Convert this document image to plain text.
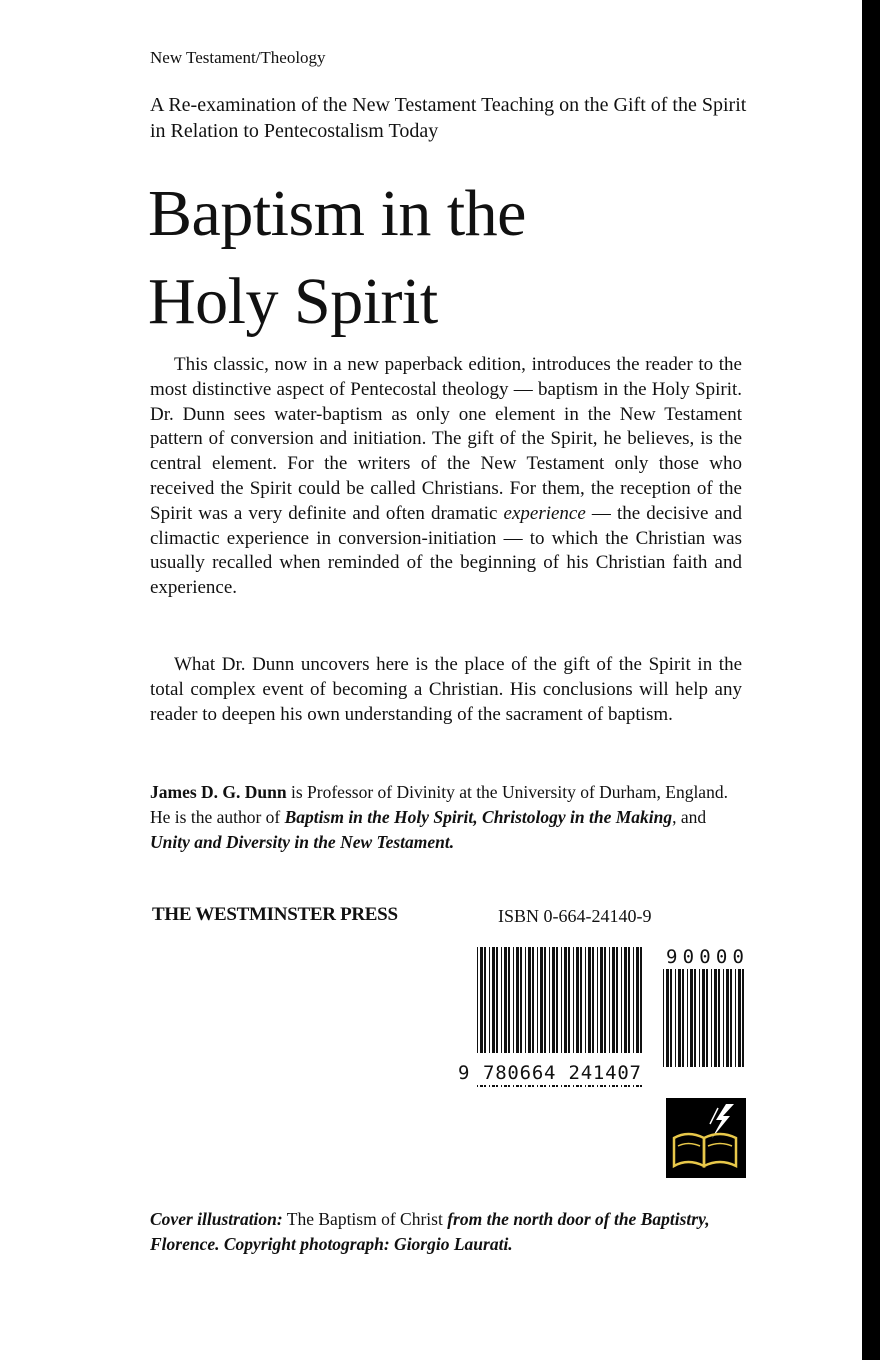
New Testament/Theology
A Re-examination of the New Testament Teaching on the Gift of the Spirit in Relation to Pentecostalism Today
Baptism in the
Holy Spirit
This classic, now in a new paperback edition, introduces the reader to the most distinctive aspect of Pentecostal theology — baptism in the Holy Spirit. Dr. Dunn sees water-baptism as only one element in the New Testament pattern of conversion and initiation. The gift of the Spirit, he believes, is the central element. For the writers of the New Testament only those who received the Spirit could be called Christians. For them, the reception of the Spirit was a very definite and often dramatic experience — the decisive and climactic experience in conversion-initiation — to which the Christian was usually recalled when reminded of the beginning of his Christian faith and experience.
What Dr. Dunn uncovers here is the place of the gift of the Spirit in the total complex event of becoming a Christian. His conclusions will help any reader to deepen his own understanding of the sacrament of baptism.
James D. G. Dunn is Professor of Divinity at the University of Durham, England. He is the author of Baptism in the Holy Spirit, Christology in the Making, and Unity and Diversity in the New Testament.
THE WESTMINSTER PRESS	ISBN 0-664-24140-9
9 780664 241407
90000
Cover illustration: The Baptism of Christ from the north door of the Baptistry, Florence. Copyright photograph: Giorgio Laurati.
